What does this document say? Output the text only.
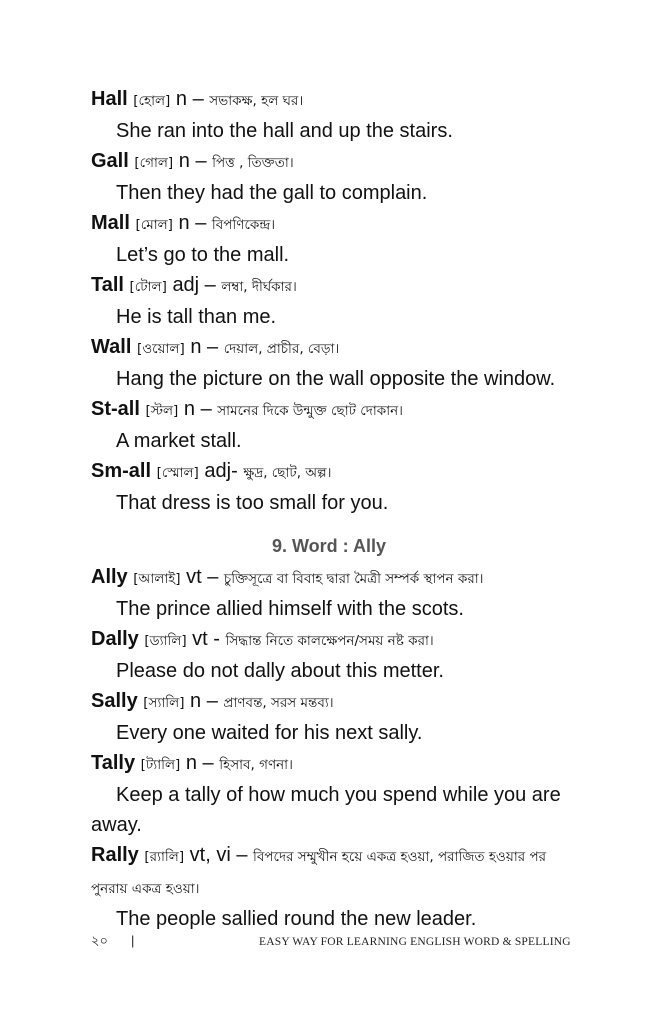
Hall [হোল] n – সভাকক্ষ, হল ঘর।
She ran into the hall and up the stairs.
Gall [গোল] n – পিত্ত , তিক্ততা।
Then they had the gall to complain.
Mall [মোল] n – বিপণিকেন্দ্র।
Let’s go to the mall.
Tall [টোল] adj – লম্বা, দীর্ঘকার।
He is tall than me.
Wall [ওয়োল] n – দেয়াল, প্রাচীর, বেড়া।
Hang the picture on the wall opposite the window.
St-all [স্টল] n – সামনের দিকে উন্মুক্ত ছোট দোকান।
A market stall.
Sm-all [স্মোল] adj- ক্ষুদ্র, ছোট, অল্প।
That dress is too small for you.
9. Word : Ally
Ally [আলাই] vt – চুক্তিসূত্রে বা বিবাহ দ্বারা মৈত্রী সম্পর্ক স্থাপন করা।
The prince allied himself with the scots.
Dally [ড্যালি] vt - সিদ্ধান্ত নিতে কালক্ষেপন/সময় নষ্ট করা।
Please do not dally about this metter.
Sally [স্যালি] n – প্রাণবন্ত, সরস মন্তব্য।
Every one waited for his next sally.
Tally [ট্যালি] n – হিসাব, গণনা।
Keep a tally of how much you spend while you are away.
Rally [র‍্যালি] vt, vi – বিপদের সম্মুখীন হয়ে একত্র হওয়া, পরাজিত হওয়ার পর পুনরায় একত্র হওয়া।
The people sallied round the new leader.
২০ |	EASY WAY FOR LEARNING ENGLISH WORD & SPELLING
